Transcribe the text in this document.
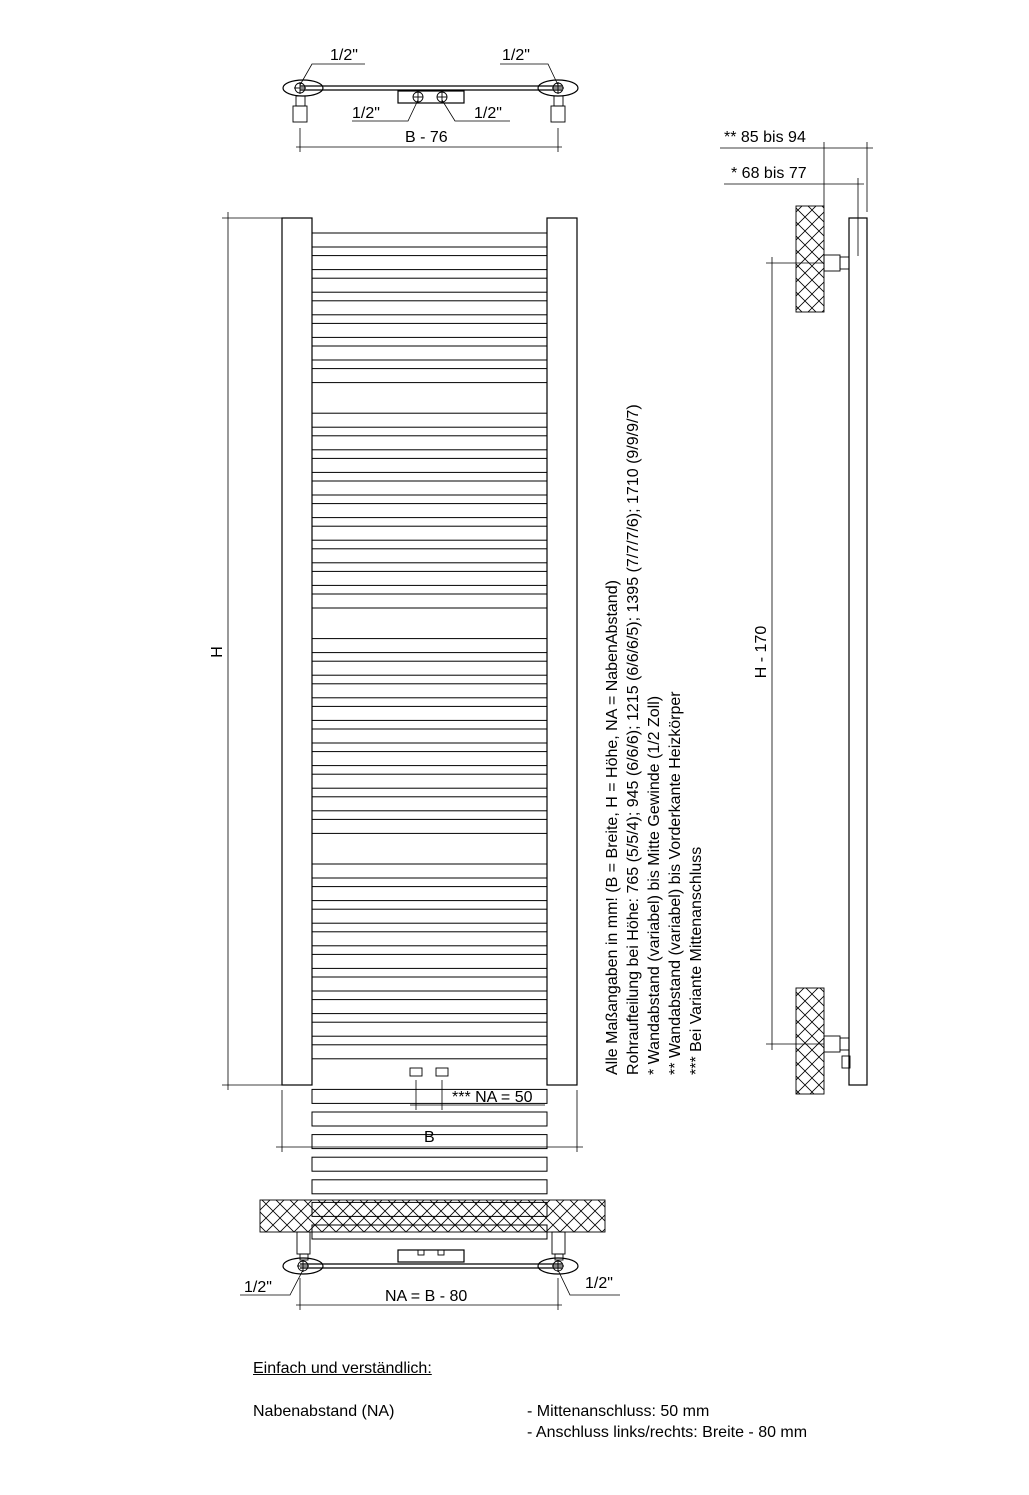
1/2"	1/2"
1/2"	1/2"
B - 76
H
B
*** NA = 50
** 85 bis 94
* 68 bis 77
H - 170
1/2"	1/2"
NA = B - 80
Alle Maßangaben in mm! (B = Breite, H = Höhe, NA = NabenAbstand) Rohraufteilung bei Höhe: 765 (5/5/4); 945 (6/6/6); 1215 (6/6/6/5); 1395 (7/7/7/6); 1710 (9/9/9/7) * Wandabstand (variabel) bis Mitte Gewinde (1/2 Zoll) ** Wandabstand (variabel) bis Vorderkante Heizkörper *** Bei Variante Mittenanschluss
Einfach und verständlich:
Nabenabstand (NA)	- Mittenanschluss: 50 mm
- Anschluss links/rechts: Breite - 80 mm
